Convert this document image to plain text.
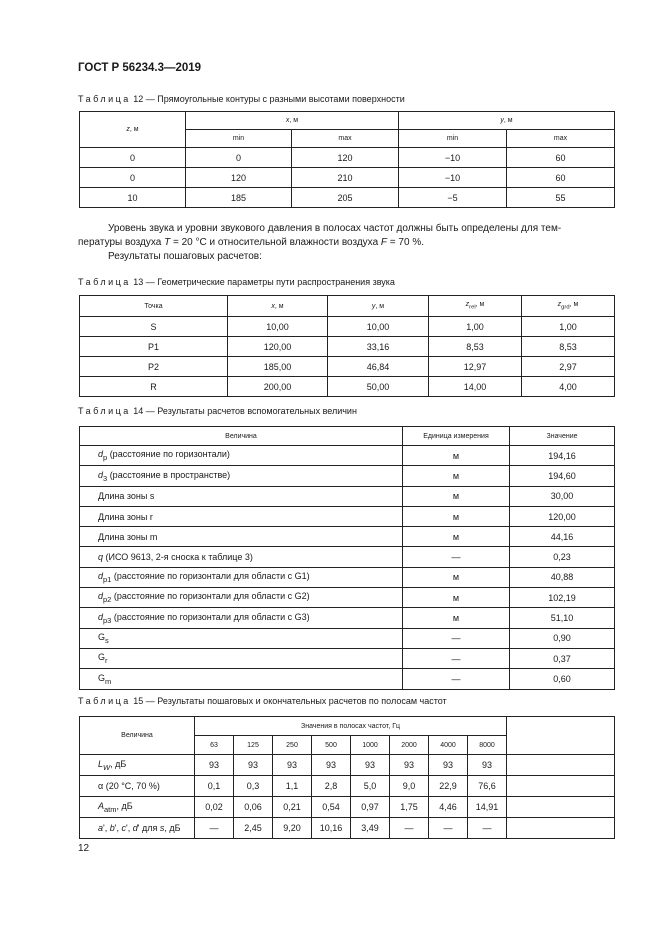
ГОСТ Р 56234.3—2019
Таблица 12 — Прямоугольные контуры с разными высотами поверхности
z, м	x, м		y, м	
	min	max	min	max
0	0	120	−10	60
0	120	210	−10	60
10	185	205	−5	55
Уровень звука и уровни звукового давления в полосах частот должны быть определены для тем-
пературы воздуха T = 20 °C и относительной влажности воздуха F = 70 %.
Результаты пошаговых расчетов:
Таблица 13 — Геометрические параметры пути распространения звука
Точка	x, м	y, м	$z_{rel}$, м	$z_{grd}$, м
S	10,00	10,00	1,00	1,00
P1	120,00	33,16	8,53	8,53
P2	185,00	46,84	12,97	2,97
R	200,00	50,00	14,00	4,00
Таблица 14 — Результаты расчетов вспомогательных величин
Величина	Единица измерения	Значение
$d_p$ (расстояние по горизонтали)	м	194,16
$d_3$ (расстояние в пространстве)	м	194,60
Длина зоны s	м	30,00
Длина зоны r	м	120,00
Длина зоны m	м	44,16
q (ИСО 9613, 2-я сноска к таблице 3)	—	0,23
$d_{p1}$ (расстояние по горизонтали для области с G1)	м	40,88
$d_{p2}$ (расстояние по горизонтали для области с G2)	м	102,19
$d_{p3}$ (расстояние по горизонтали для области с G3)	м	51,10
$G_s$	—	0,90
$G_r$	—	0,37
$G_m$	—	0,60
Таблица 15 — Результаты пошаговых и окончательных расчетов по полосам частот
Величина	Значения в полосах частот, Гц								
	63	125	250	500	1000	2000	4000	8000	
$L_W$, дБ	93	93	93	93	93	93	93	93	
α (20 °C, 70 %)	0,1	0,3	1,1	2,8	5,0	9,0	22,9	76,6	
$A_{atm}$, дБ	0,02	0,06	0,21	0,54	0,97	1,75	4,46	14,91	
a', b', c', d' для s, дБ	—	2,45	9,20	10,16	3,49	—	—	—	
12
